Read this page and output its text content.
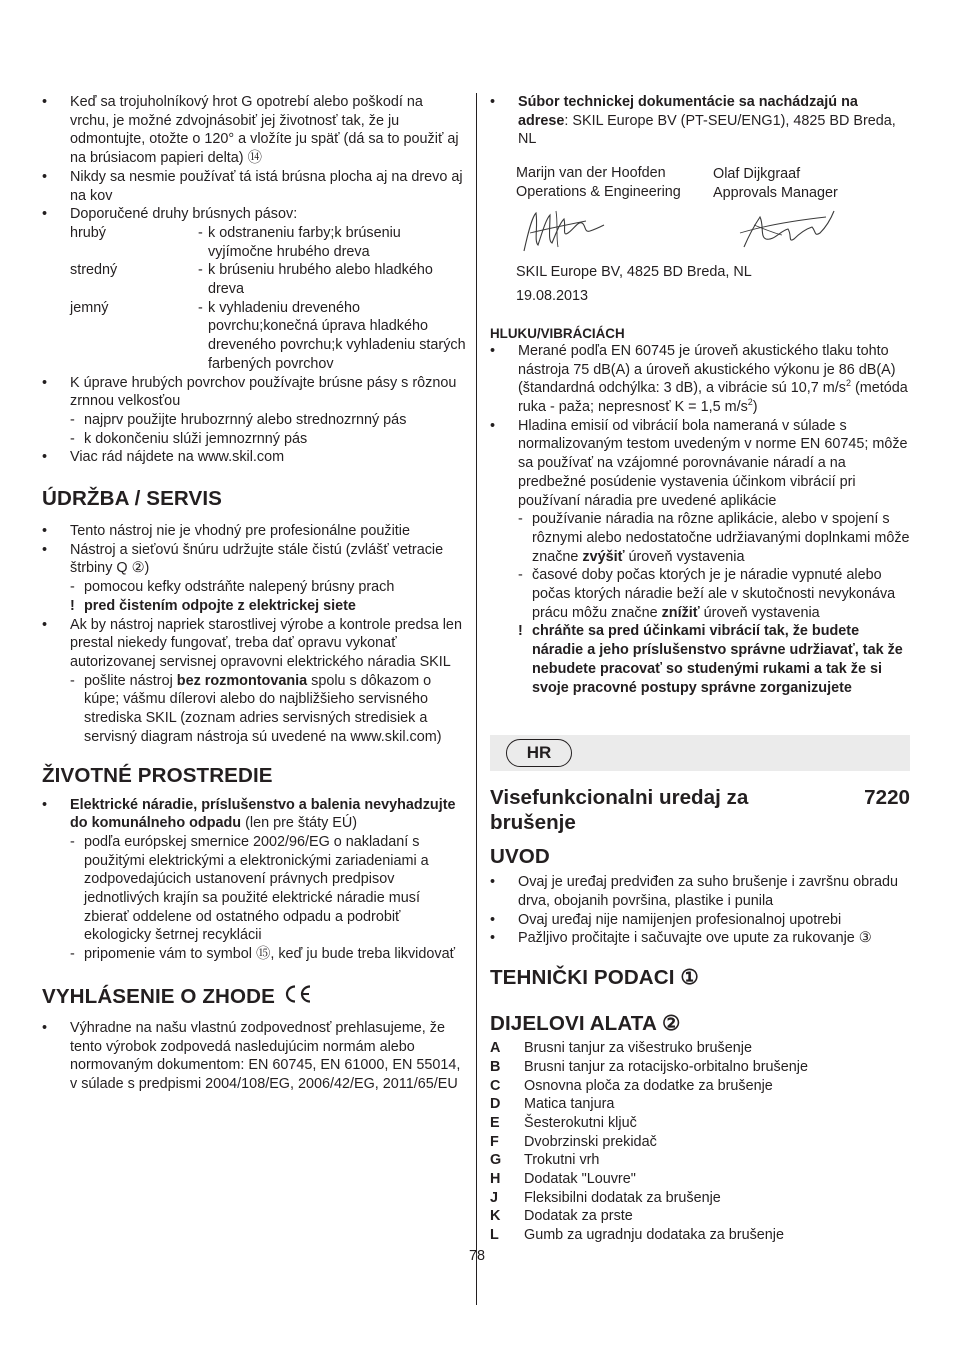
• Keď sa trojuholníkový hrot G opotrebí alebo poškodí na vrchu, je možné zdvojnásobiť jej životnosť tak, že ju odmontujte, otožte o 120° a vložíte ju späť (dá sa to použiť aj na brúsiacom papieri delta) ⑭
• Nikdy sa nesmie používať tá istá brúsna plocha aj na drevo aj na kov
• Doporučené druhy brúsnych pásov:
hrubý	- k odstraneniu farby;k brúseniu vyjímočne hrubého dreva
stredný	- k brúseniu hrubého alebo hladkého dreva
jemný	- k vyhladeniu dreveného povrchu;konečná úprava hladkého dreveného povrchu;k vyhladeniu starých farbených povrchov
• K úprave hrubých povrchov používajte brúsne pásy s rôznou zrnnou velkosťou
- najprv použijte hrubozrnný alebo strednozrnný pás
- k dokončeniu slúži jemnozrnný pás
• Viac rád nájdete na www.skil.com
ÚDRŽBA / SERVIS
• Tento nástroj nie je vhodný pre profesionálne použitie
• Nástroj a sieťovú šnúru udržujte stále čistú (zvlášť vetracie štrbiny Q ②)
- pomocou kefky odstráňte nalepený brúsny prach
! pred čistením odpojte z elektrickej siete
• Ak by nástroj napriek starostlivej výrobe a kontrole predsa len prestal niekedy fungovať, treba dať opravu vykonať autorizovanej servisnej opravovni elektrického náradia SKIL
- pošlite nástroj bez rozmontovania spolu s dôkazom o kúpe; vášmu dílerovi alebo do najbližšieho servisného strediska SKIL (zoznam adries servisných stredisiek a servisný diagram nástroja sú uvedené na www.skil.com)
ŽIVOTNÉ PROSTREDIE
• Elektrické náradie, príslušenstvo a balenia nevyhadzujte do komunálneho odpadu (len pre štáty EÚ)
- podľa európskej smernice 2002/96/EG o nakladaní s použitými elektrickými a elektronickými zariadeniami a zodpovedajúcich ustanovení právnych predpisov jednotlivých krajín sa použité elektrické náradie musí zbierať oddelene od ostatného odpadu a podrobiť ekologicky šetrnej recyklácii
- pripomenie vám to symbol ⑮, keď ju bude treba likvidovať
VYHLÁSENIE O ZHODE
• Výhradne na našu vlastnú zodpovednosť prehlasujeme, že tento výrobok zodpovedá nasledujúcim normám alebo normovaným dokumentom: EN 60745, EN 61000, EN 55014, v súlade s predpismi 2004/108/EG, 2006/42/EG, 2011/65/EU
• Súbor technickej dokumentácie sa nachádzajú na adrese: SKIL Europe BV (PT-SEU/ENG1), 4825 BD Breda, NL
Marijn van der Hoofden
Operations & Engineering
Olaf Dijkgraaf
Approvals Manager
SKIL Europe BV, 4825 BD Breda, NL
19.08.2013
HLUKU/VIBRÁCIÁCH
• Merané podľa EN 60745 je úroveň akustického tlaku tohto nástroja 75 dB(A) a úroveň akustického výkonu je 86 dB(A) (štandardná odchýlka: 3 dB), a vibrácie sú 10,7 $m/s^2$ (metóda ruka - paža; nepresnosť K = 1,5 $m/s^2$)
• Hladina emisií od vibrácií bola nameraná v súlade s normalizovaným testom uvedeným v norme EN 60745; môže sa používať na vzájomné porovnávanie náradí a na predbežné posúdenie vystavenia účinkom vibrácií pri používaní náradia pre uvedené aplikácie
- používanie náradia na rôzne aplikácie, alebo v spojení s rôznymi alebo nedostatočne udržiavanými doplnkami môže značne zvýšiť úroveň vystavenia
- časové doby počas ktorých je je náradie vypnuté alebo počas ktorých náradie beží ale v skutočnosti nevykonáva prácu môžu značne znížiť úroveň vystavenia
! chráňte sa pred účinkami vibrácií tak, že budete náradie a jeho príslušenstvo správne udržiavať, tak že nebudete pracovať so studenými rukami a tak že si svoje pracovné postupy správne zorganizujete
HR
Visefunkcionalni uredaj za brušenje
7220
UVOD
• Ovaj je uređaj predviđen za suho brušenje i završnu obradu drva, obojanih površina, plastike i punila
• Ovaj uređaj nije namijenjen profesionalnoj upotrebi
• Pažljivo pročitajte i sačuvajte ove upute za rukovanje ③
TEHNIČKI PODACI ①
DIJELOVI ALATA ②
A	Brusni tanjur za višestruko brušenje
B	Brusni tanjur za rotacijsko-orbitalno brušenje
C	Osnovna ploča za dodatke za brušenje
D	Matica tanjura
E	Šesterokutni ključ
F	Dvobrzinski prekidač
G	Trokutni vrh
H	Dodatak "Louvre"
J	Fleksibilni dodatak za brušenje
K	Dodatak za prste
L	Gumb za ugradnju dodataka za brušenje
78
